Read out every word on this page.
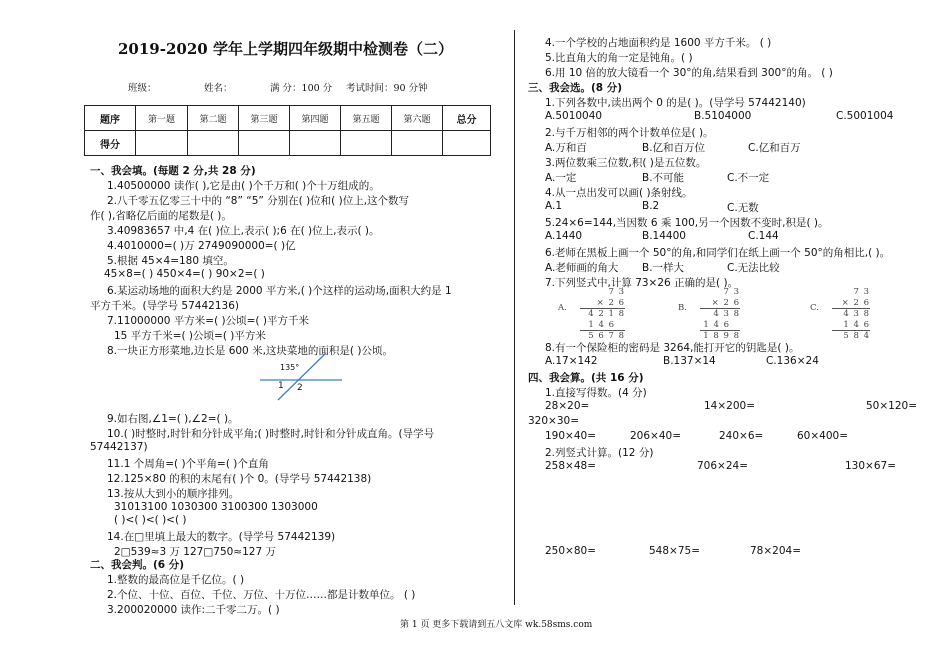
2019-2020 学年上学期四年级期中检测卷（二）
班级：	姓名：	满 分：100 分 考试时间：90 分钟
题序	第一题	第二题	第三题	第四题	第五题	第六题	总分
得分							
一、我会填。(每题 2 分,共 28 分)
1.40500000 读作( ),它是由( )个千万和( )个十万组成的。
2.八千零五亿零三十中的 “8” “5” 分别在( )位和( )位上,这个数写
作( ),省略亿后面的尾数是( )。
3.40983657 中,4 在( )位上,表示( );6 在( )位上,表示( )。
4.4010000=( )万 2749090000=( )亿
5.根据 45×4=180 填空。
45×8=( ) 450×4=( ) 90×2=( )
6.某运动场地的面积大约是 2000 平方米,( )个这样的运动场,面积大约是 1
平方千米。(导学号 57442136)
7.11000000 平方米=( )公顷=( )平方千米
15 平方千米=( )公顷=( )平方米
8.一块正方形菜地,边长是 600 米,这块菜地的面积是( )公顷。
135°
1 2
9.如右图,∠1=( ),∠2=( )。
10.( )时整时,时针和分针成平角;( )时整时,时针和分针成直角。(导学号
57442137)
11.1 个周角=( )个平角=( )个直角
12.125×80 的积的末尾有( )个 0。(导学号 57442138)
13.按从大到小的顺序排列。
31013100 1030300 3100300 1303000
( )<( )<( )<( )
14.在□里填上最大的数字。(导学号 57442139)
2□539≈3 万 127□750≈127 万
二、我会判。(6 分)
1.整数的最高位是千亿位。( )
2.个位、十位、百位、千位、万位、十万位……都是计数单位。 ( )
3.200020000 读作:二千零二万。( )
4.一个学校的占地面积约是 1600 平方千米。 ( )
5.比直角大的角一定是钝角。( )
6.用 10 倍的放大镜看一个 30°的角,结果看到 300°的角。 ( )
三、我会选。(8 分)
1.下列各数中,读出两个 0 的是( )。(导学号 57442140)
A.5010040	B.5104000	C.5001004
2.与千万相邻的两个计数单位是( )。
A.万和百	B.亿和百万位	C.亿和百万
3.两位数乘三位数,积( )是五位数。
A.一定	B.不可能	C.不一定
4.从一点出发可以画( )条射线。
A.1	B.2	C.无数
5.24×6=144,当因数 6 乘 100,另一个因数不变时,积是( )。
A.1440	B.14400	C.144
6.老师在黑板上画一个 50°的角,和同学们在纸上画一个 50°的角相比,( )。
A.老师画的角大 B.一样大	C.无法比较
7.下列竖式中,计算 73×26 正确的是( )。
A.
7 3
× 2 6
4 2 1 8
1 4 6
5 6 7 8
B.
7 3
× 2 6
4 3 8
1 4 6
1 8 9 8
C.
7 3
× 2 6
4 3 8
1 4 6
5 8 4
8.有一个保险柜的密码是 3264,能打开它的钥匙是( )。
A.17×142	B.137×14	C.136×24
四、我会算。(共 16 分)
1.直接写得数。(4 分)
28×20=	14×200=	50×120=
320×30=
190×40=	206×40=	240×6=	60×400=
2.列竖式计算。(12 分)
258×48=	706×24=	130×67=
250×80=	548×75=	78×204=
第 1 页 更多下载请到五八文库 wk.58sms.com
